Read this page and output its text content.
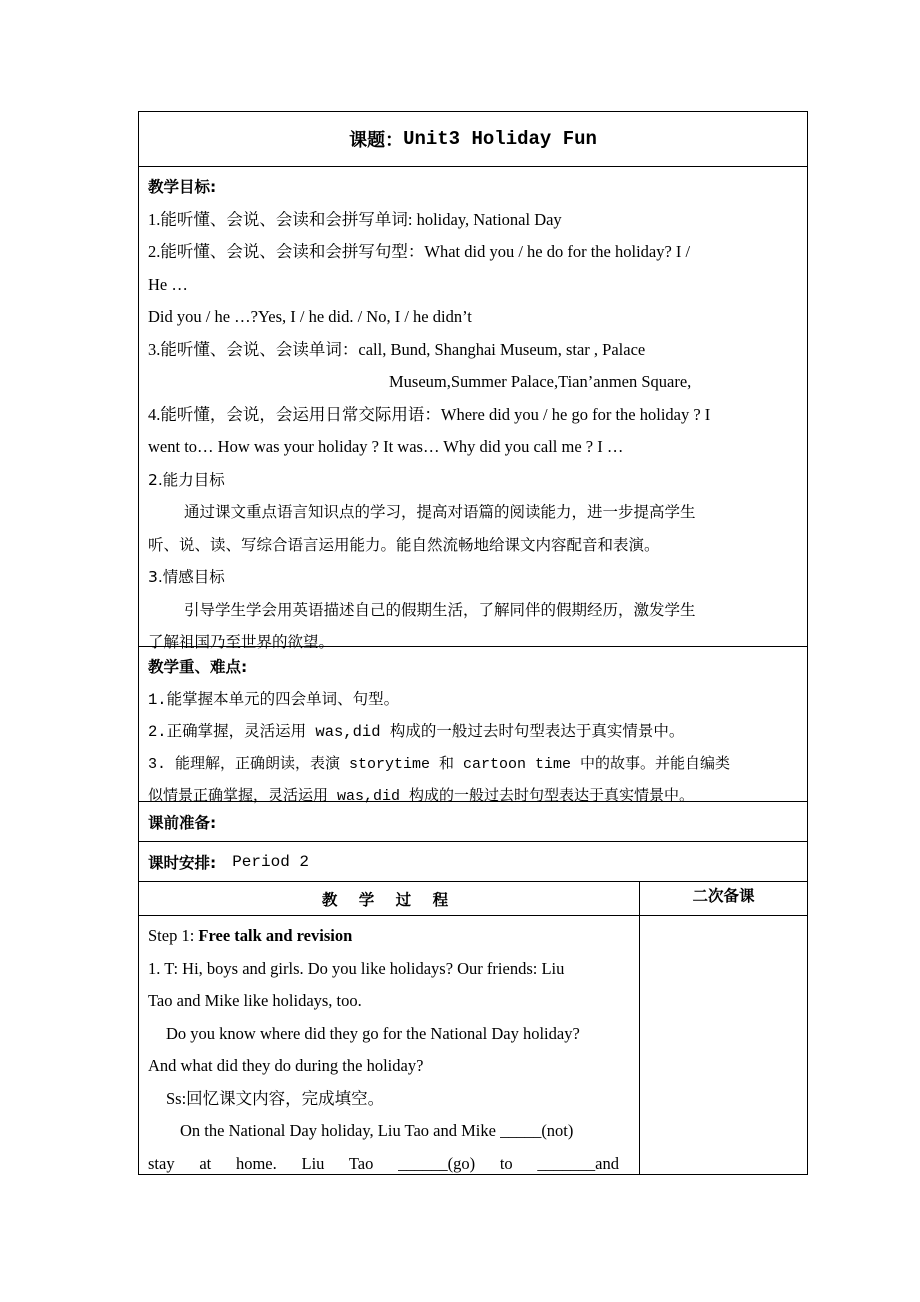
课题： Unit3 Holiday Fun
教学目标:
1.能听懂、会说、会读和会拼写单词: holiday, National Day
2.能听懂、会说、会读和会拼写句型：What did you / he do for the holiday? I /
He …
Did you / he …?Yes, I / he did. / No, I / he didn’t
3.能听懂、会说、会读单词：call, Bund, Shanghai Museum, star , Palace
Museum,Summer Palace,Tian’anmen Square,
4.能听懂，会说，会运用日常交际用语：Where did you / he go for the holiday ? I
went to… How was your holiday ? It was… Why did you call me ? I …
2.能力目标
通过课文重点语言知识点的学习，提高对语篇的阅读能力，进一步提高学生
听、说、读、写综合语言运用能力。能自然流畅地给课文内容配音和表演。
3.情感目标
引导学生学会用英语描述自己的假期生活，了解同伴的假期经历，激发学生
了解祖国乃至世界的欲望。
教学重、难点:
1.能掌握本单元的四会单词、句型。
2.正确掌握，灵活运用 was,did 构成的一般过去时句型表达于真实情景中。
3. 能理解，正确朗读，表演 storytime 和 cartoon time 中的故事。并能自编类
似情景正确掌握，灵活运用 was,did 构成的一般过去时句型表达于真实情景中。
课前准备:
课时安排: Period 2
教 学 过 程	二次备课
Step 1: Free talk and revision
1. T: Hi, boys and girls. Do you like holidays? Our friends: Liu
Tao and Mike like holidays, too.
Do you know where did they go for the National Day holiday?
And what did they do during the holiday?
Ss:回忆课文内容，完成填空。
On the National Day holiday, Liu Tao and Mike _____(not)
stay at home. Liu Tao ______(go) to _______and
